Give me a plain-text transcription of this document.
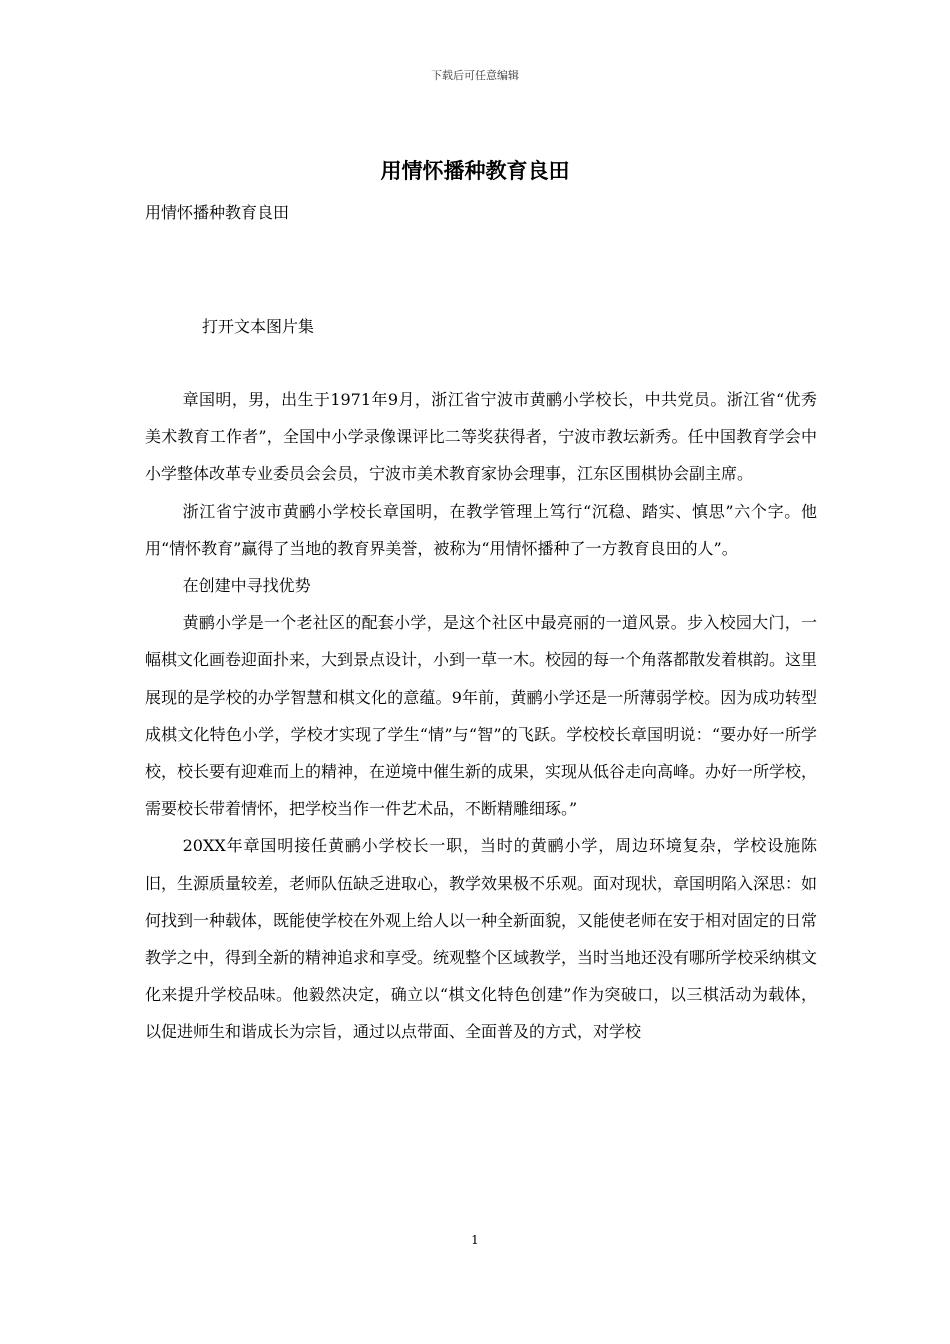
下载后可任意编辑
用情怀播种教育良田
用情怀播种教育良田
打开文本图片集

章国明，男，出生于1971年9月，浙江省宁波市黄鹂小学校长，中共党员。浙江省“优秀美术教育工作者”，全国中小学录像课评比二等奖获得者，宁波市教坛新秀。任中国教育学会中小学整体改革专业委员会会员，宁波市美术教育家协会理事，江东区围棋协会副主席。

浙江省宁波市黄鹂小学校长章国明，在教学管理上笃行“沉稳、踏实、慎思”六个字。他用“情怀教育”赢得了当地的教育界美誉，被称为“用情怀播种了一方教育良田的人”。

在创建中寻找优势

黄鹂小学是一个老社区的配套小学，是这个社区中最亮丽的一道风景。步入校园大门，一幅棋文化画卷迎面扑来，大到景点设计，小到一草一木。校园的每一个角落都散发着棋韵。这里展现的是学校的办学智慧和棋文化的意蕴。9年前，黄鹂小学还是一所薄弱学校。因为成功转型成棋文化特色小学，学校才实现了学生“情”与“智”的飞跃。学校校长章国明说：“要办好一所学校，校长要有迎难而上的精神，在逆境中催生新的成果，实现从低谷走向高峰。办好一所学校，需要校长带着情怀，把学校当作一件艺术品，不断精雕细琢。”

20XX年章国明接任黄鹂小学校长一职，当时的黄鹂小学，周边环境复杂，学校设施陈旧，生源质量较差，老师队伍缺乏进取心，教学效果极不乐观。面对现状，章国明陷入深思：如何找到一种载体，既能使学校在外观上给人以一种全新面貌，又能使老师在安于相对固定的日常教学之中，得到全新的精神追求和享受。统观整个区域教学，当时当地还没有哪所学校采纳棋文化来提升学校品味。他毅然决定，确立以“棋文化特色创建”作为突破口，以三棋活动为载体，以促进师生和谐成长为宗旨，通过以点带面、全面普及的方式，对学校

1
